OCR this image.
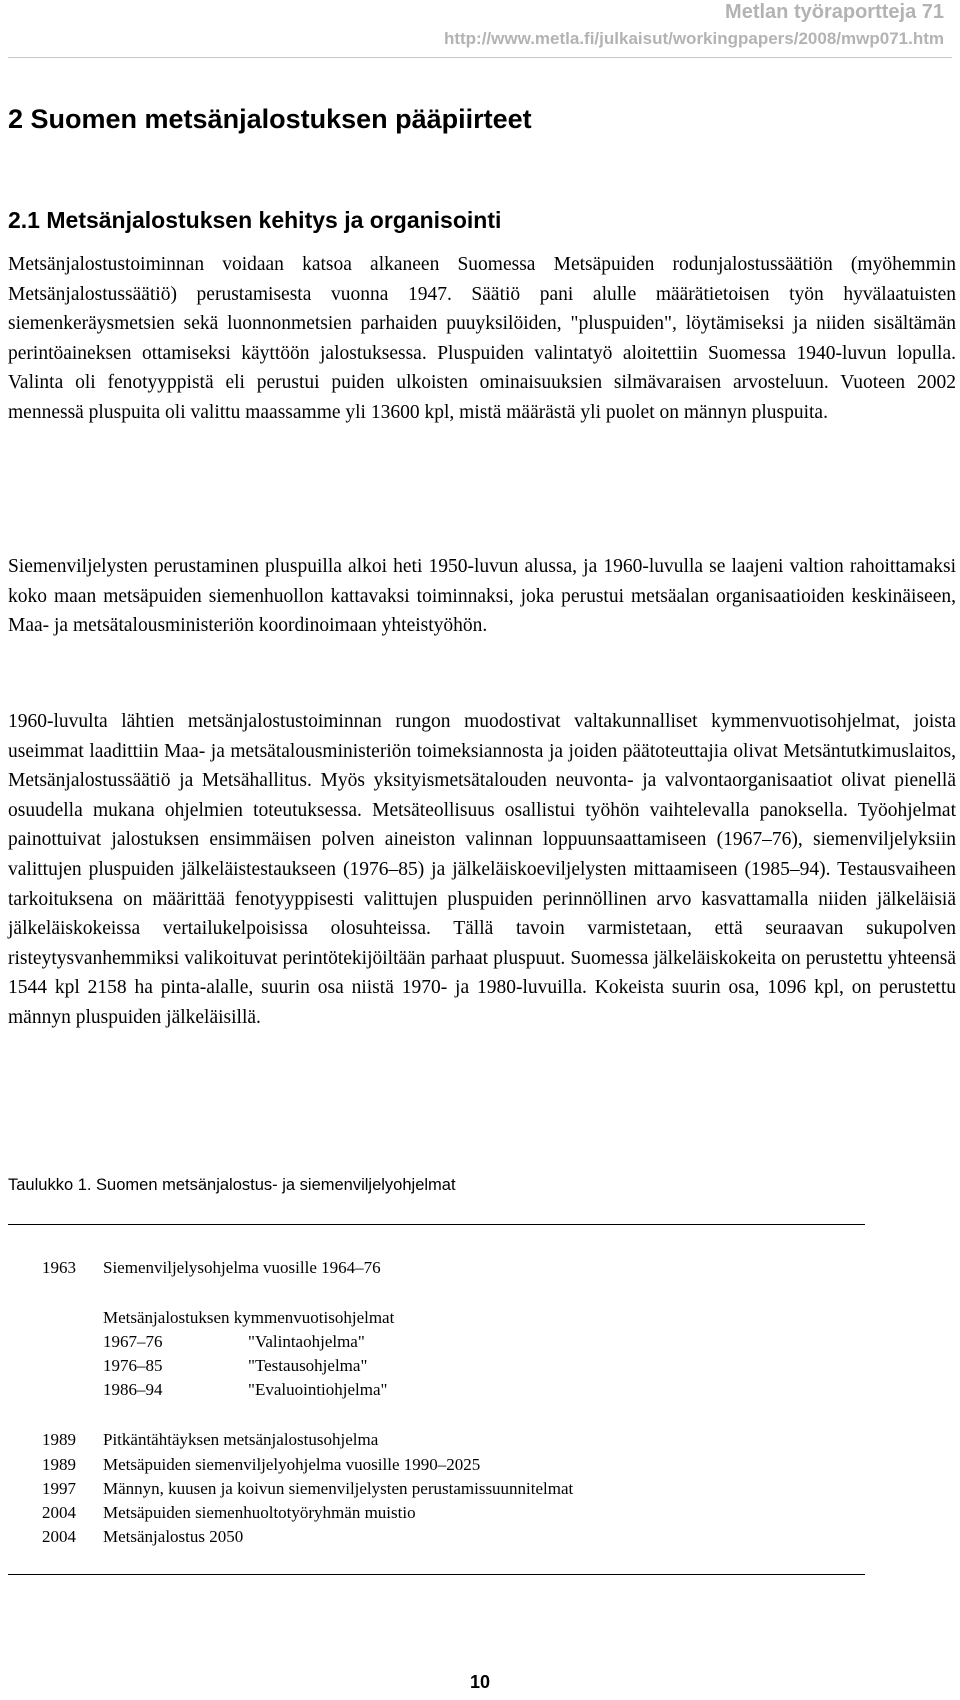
Metlan työraportteja 71
http://www.metla.fi/julkaisut/workingpapers/2008/mwp071.htm
2 Suomen metsänjalostuksen pääpiirteet
2.1 Metsänjalostuksen kehitys ja organisointi

Metsänjalostustoiminnan voidaan katsoa alkaneen Suomessa Metsäpuiden rodunjalostussäätiön (myöhemmin Metsänjalostussäätiö) perustamisesta vuonna 1947. Säätiö pani alulle määrätietoisen työn hyvälaatuisten siemenkeräysmetsien sekä luonnonmetsien parhaiden puuyksilöiden, "pluspuiden", löytämiseksi ja niiden sisältämän perintöaineksen ottamiseksi käyttöön jalostuksessa. Pluspuiden valintatyö aloitettiin Suomessa 1940-luvun lopulla. Valinta oli fenotyyppistä eli perustui puiden ulkoisten ominaisuuksien silmävaraisen arvosteluun. Vuoteen 2002 mennessä pluspuita oli valittu maassamme yli 13600 kpl, mistä määrästä yli puolet on männyn pluspuita.

Siemenviljelysten perustaminen pluspuilla alkoi heti 1950-luvun alussa, ja 1960-luvulla se laajeni valtion rahoittamaksi koko maan metsäpuiden siemenhuollon kattavaksi toiminnaksi, joka perustui metsäalan organisaatioiden keskinäiseen, Maa- ja metsätalousministeriön koordinoimaan yhteistyöhön.

1960-luvulta lähtien metsänjalostustoiminnan rungon muodostivat valtakunnalliset kymmenvuotisohjelmat, joista useimmat laadittiin Maa- ja metsätalousministeriön toimeksiannosta ja joiden päätoteuttajia olivat Metsäntutkimuslaitos, Metsänjalostussäätiö ja Metsähallitus. Myös yksityismetsätalouden neuvonta- ja valvontaorganisaatiot olivat pienellä osuudella mukana ohjelmien toteutuksessa. Metsäteollisuus osallistui työhön vaihtelevalla panoksella. Työohjelmat painottuivat jalostuksen ensimmäisen polven aineiston valinnan loppuunsaattamiseen (1967–76), siemenviljelyksiin valittujen pluspuiden jälkeläistestaukseen (1976–85) ja jälkeläiskoeviljelysten mittaamiseen (1985–94). Testausvaiheen tarkoituksena on määrittää fenotyyppisesti valittujen pluspuiden perinnöllinen arvo kasvattamalla niiden jälkeläisiä jälkeläiskokeissa vertailukelpoisissa olosuhteissa. Tällä tavoin varmistetaan, että seuraavan sukupolven risteytysvanhemmiksi valikoituvat perintötekijöiltään parhaat pluspuut. Suomessa jälkeläiskokeita on perustettu yhteensä 1544 kpl 2158 ha pinta-alalle, suurin osa niistä 1970- ja 1980-luvuilla. Kokeista suurin osa, 1096 kpl, on perustettu männyn pluspuiden jälkeläisillä.

Taulukko 1. Suomen metsänjalostus- ja siemenviljelyohjelmat

1963 Siemenviljelysohjelma vuosille 1964–76
Metsänjalostuksen kymmenvuotisohjelmat
1967–76	"Valintaohjelma"
1976–85	"Testausohjelma"
1986–94	"Evaluointiohjelma"
1989 Pitkäntähtäyksen metsänjalostusohjelma
1989 Metsäpuiden siemenviljelyohjelma vuosille 1990–2025
1997 Männyn, kuusen ja koivun siemenviljelysten perustamissuunnitelmat
2004 Metsäpuiden siemenhuoltotyöryhmän muistio
2004 Metsänjalostus 2050
10
